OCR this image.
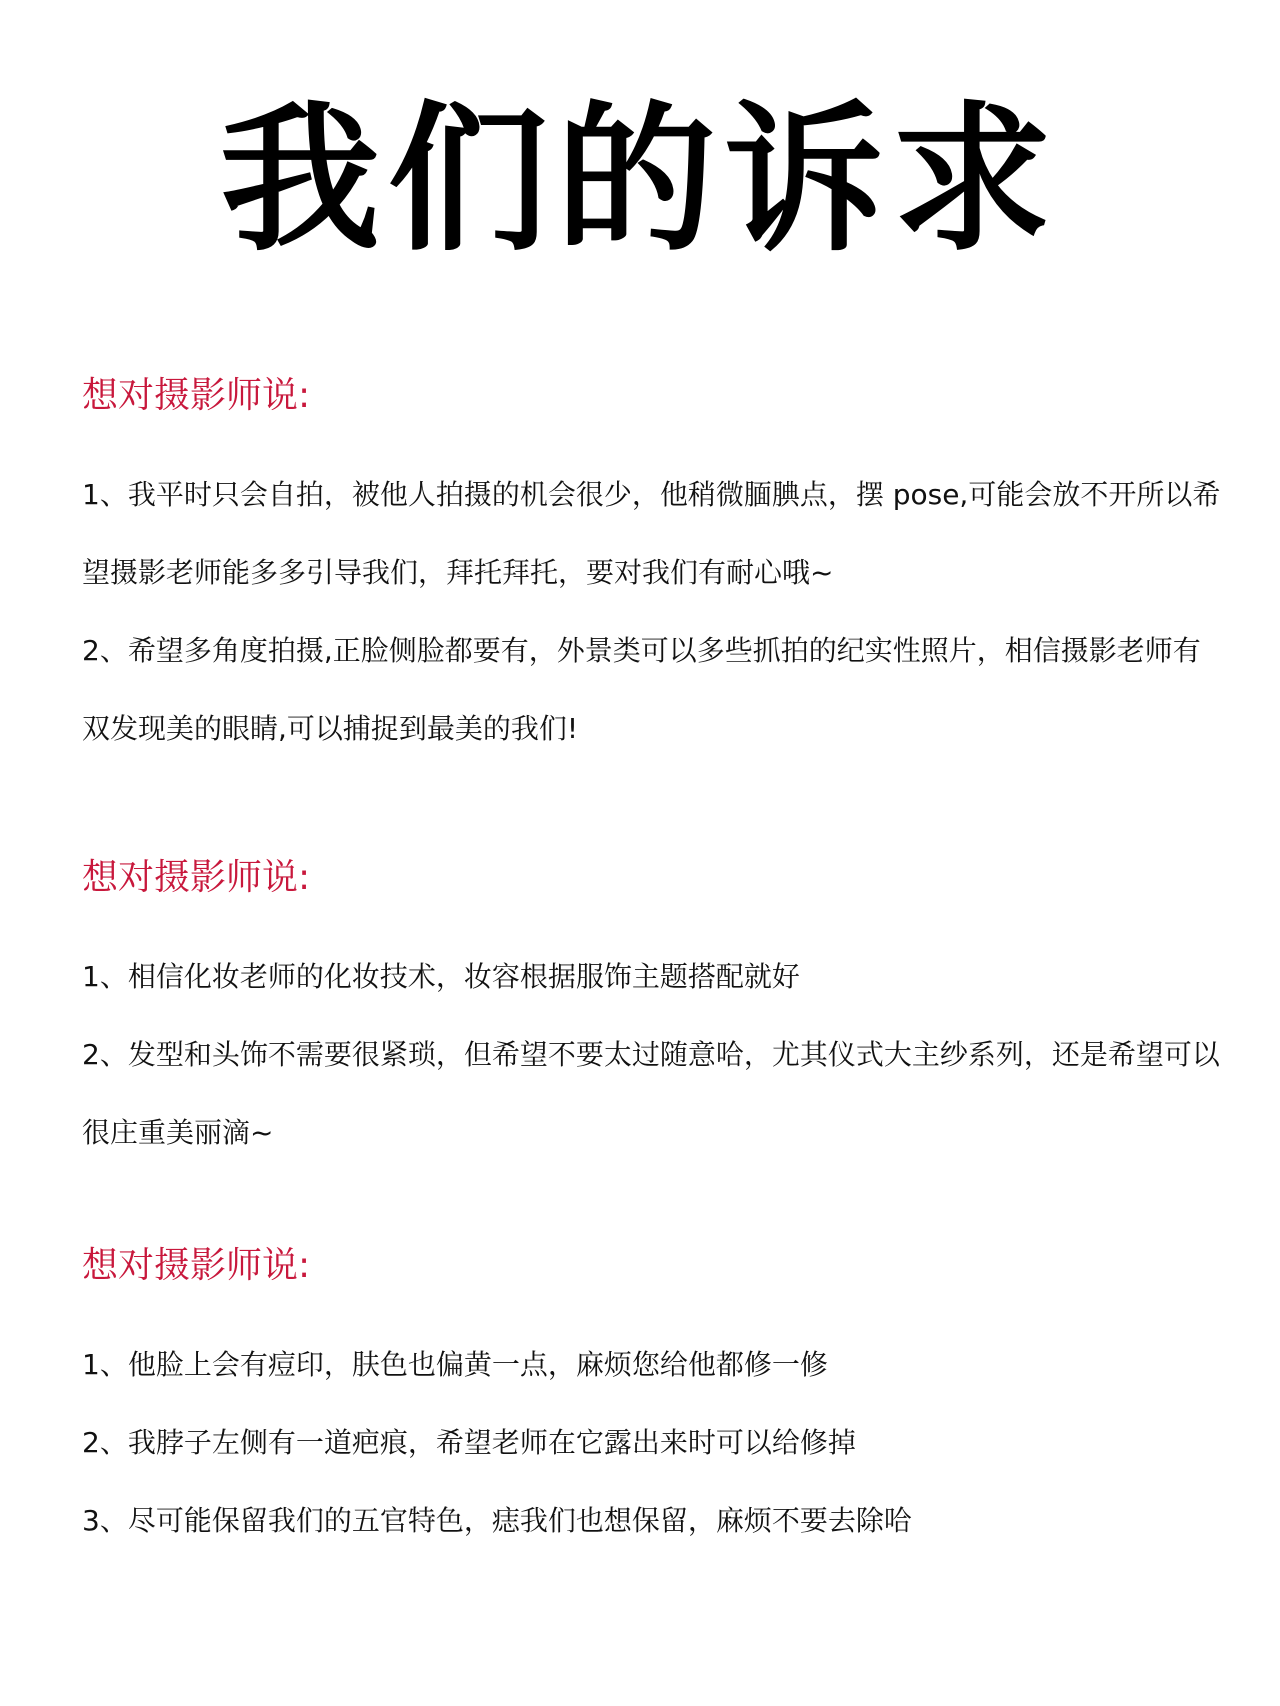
我们的诉求
想对摄影师说:
1、我平时只会自拍，被他人拍摄的机会很少，他稍微腼腆点，摆 pose,可能会放不开所以希望摄影老师能多多引导我们，拜托拜托，要对我们有耐心哦~
2、希望多角度拍摄,正脸侧脸都要有，外景类可以多些抓拍的纪实性照片，相信摄影老师有双发现美的眼睛,可以捕捉到最美的我们!
想对摄影师说:
1、相信化妆老师的化妆技术，妆容根据服饰主题搭配就好
2、发型和头饰不需要很紧琐，但希望不要太过随意哈，尤其仪式大主纱系列，还是希望可以很庄重美丽滴~
想对摄影师说:
1、他脸上会有痘印，肤色也偏黄一点，麻烦您给他都修一修
2、我脖子左侧有一道疤痕，希望老师在它露出来时可以给修掉
3、尽可能保留我们的五官特色，痣我们也想保留，麻烦不要去除哈
